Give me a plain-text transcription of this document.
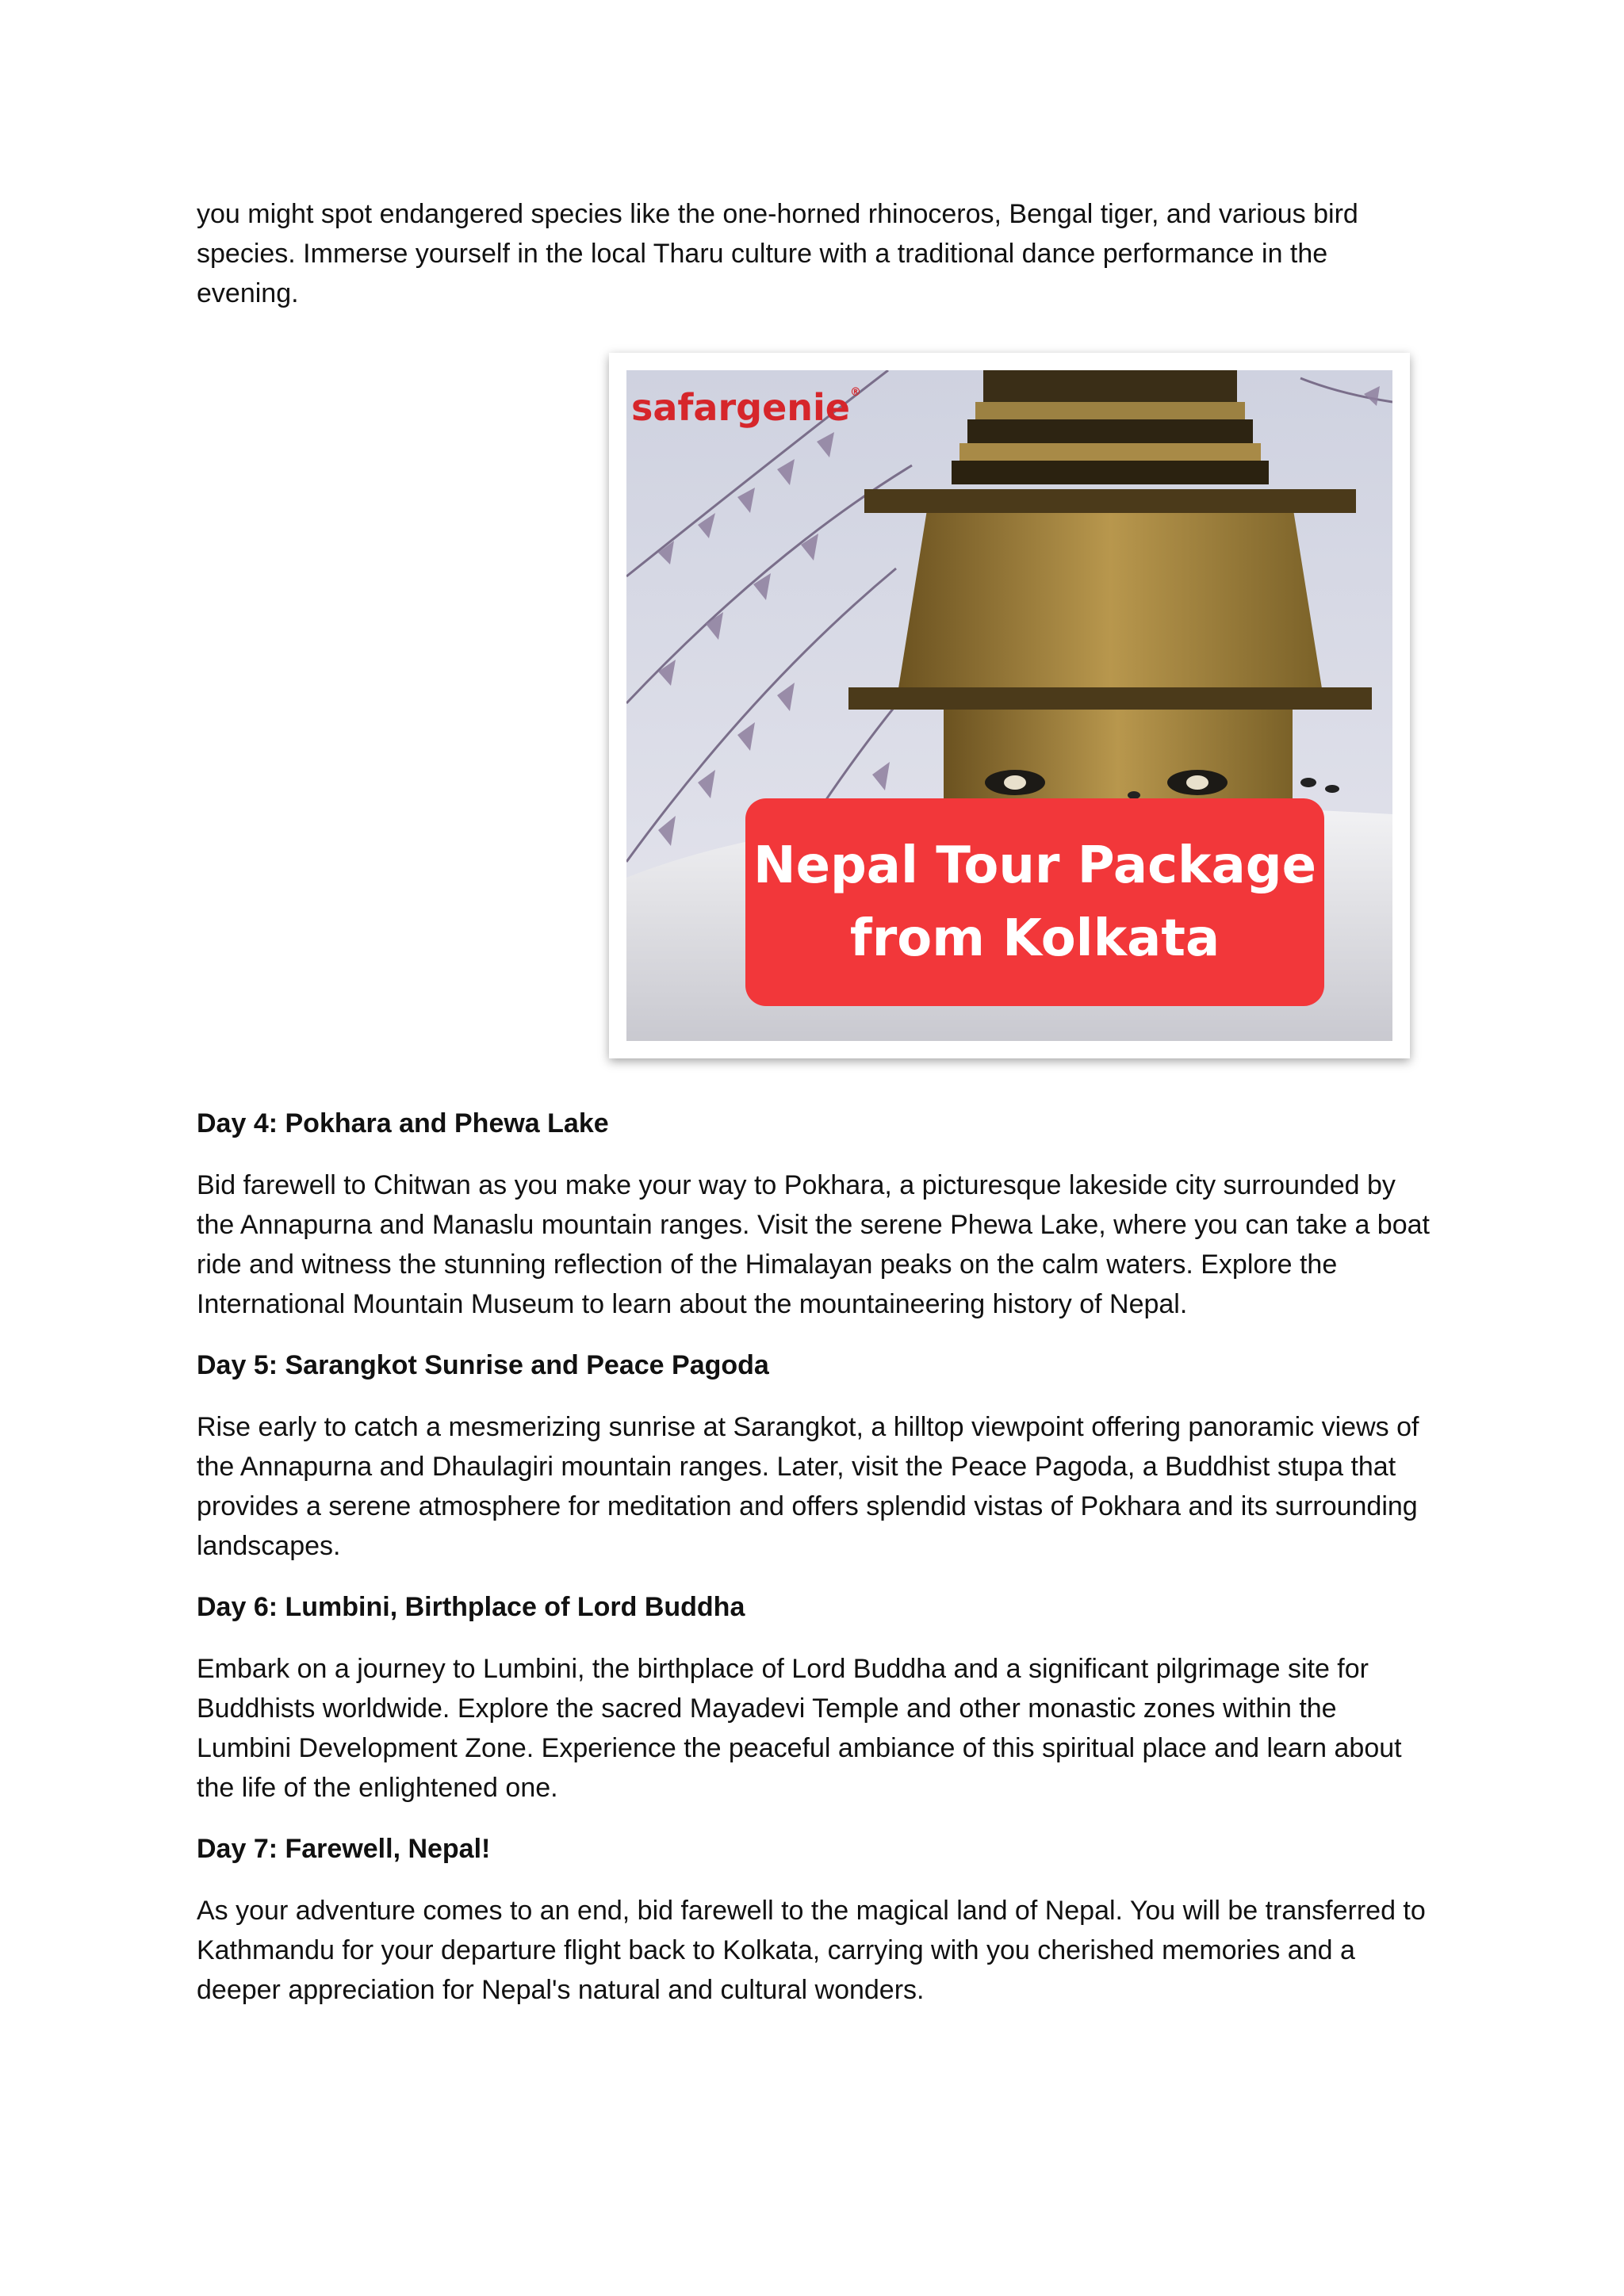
you might spot endangered species like the one-horned rhinoceros, Bengal tiger, and various bird species. Immerse yourself in the local Tharu culture with a traditional dance performance in the evening.

safargenie®
Nepal Tour Package
from Kolkata

Day 4: Pokhara and Phewa Lake

Bid farewell to Chitwan as you make your way to Pokhara, a picturesque lakeside city surrounded by the Annapurna and Manaslu mountain ranges. Visit the serene Phewa Lake, where you can take a boat ride and witness the stunning reflection of the Himalayan peaks on the calm waters. Explore the International Mountain Museum to learn about the mountaineering history of Nepal.

Day 5: Sarangkot Sunrise and Peace Pagoda

Rise early to catch a mesmerizing sunrise at Sarangkot, a hilltop viewpoint offering panoramic views of the Annapurna and Dhaulagiri mountain ranges. Later, visit the Peace Pagoda, a Buddhist stupa that provides a serene atmosphere for meditation and offers splendid vistas of Pokhara and its surrounding landscapes.

Day 6: Lumbini, Birthplace of Lord Buddha

Embark on a journey to Lumbini, the birthplace of Lord Buddha and a significant pilgrimage site for Buddhists worldwide. Explore the sacred Mayadevi Temple and other monastic zones within the Lumbini Development Zone. Experience the peaceful ambiance of this spiritual place and learn about the life of the enlightened one.

Day 7: Farewell, Nepal!

As your adventure comes to an end, bid farewell to the magical land of Nepal. You will be transferred to Kathmandu for your departure flight back to Kolkata, carrying with you cherished memories and a deeper appreciation for Nepal's natural and cultural wonders.
